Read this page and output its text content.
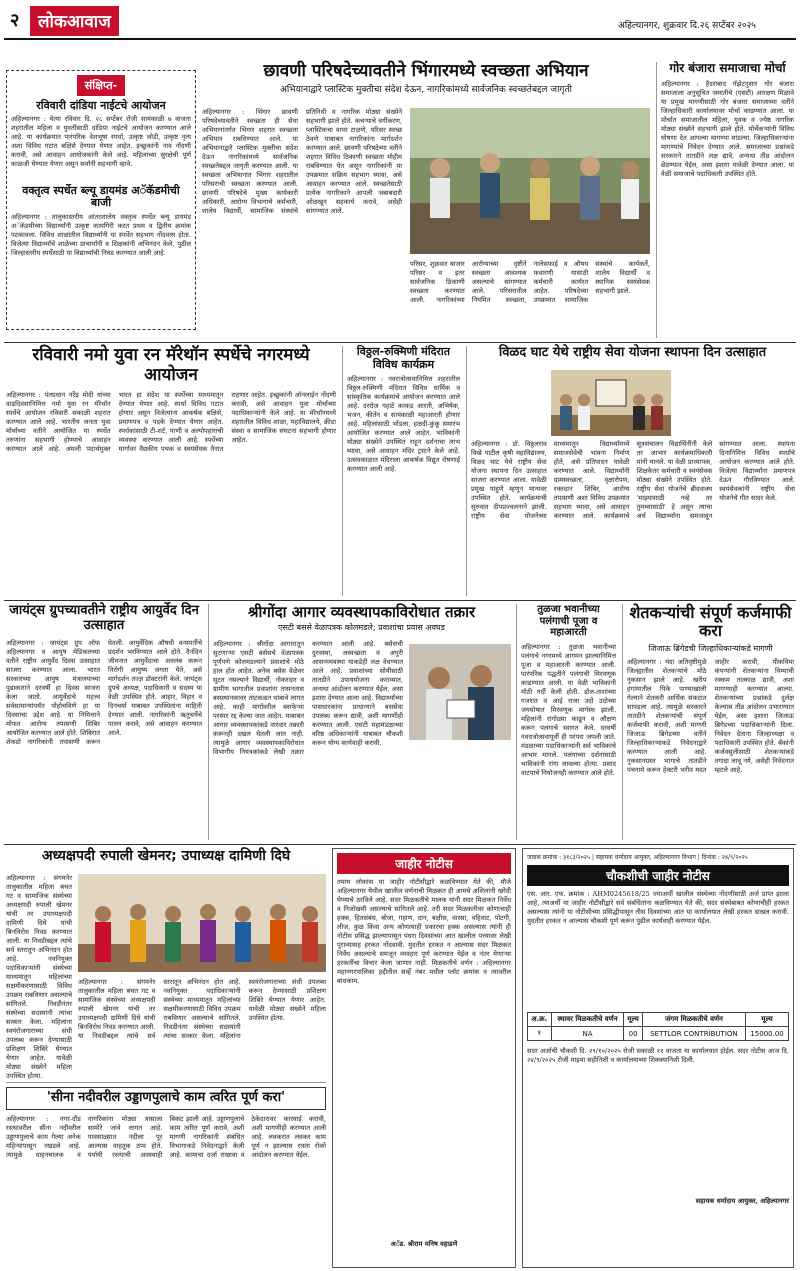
२	लोकआवाज	अहिल्यानगर, शुक्रवार दि.२६ सप्टेंबर २०२५
संक्षिप्त-
रविवारी दांडिया नाईटचे आयोजन
अहिल्यानगर : येत्या रविवार दि. २८ सप्टेंबर रोजी सायंकाळी ७ वाजता शहरातील महिला व युवतींसाठी दांडिया नाईटचे आयोजन करण्यात आले आहे. या कार्यक्रमात पारंपरिक वेशभूषा स्पर्धा, उत्कृष्ट जोडी, उत्कृष्ट नृत्य अशा विविध गटात बक्षिसे देण्यात येणार आहेत. इच्छुकांनी नाव नोंदणी करावी, असे आवाहन आयोजकांनी केले आहे. महिलांच्या सुरक्षेची पूर्ण काळजी घेण्यात येणार असून सर्वांनी सहभागी व्हावे.
वक्तृत्व स्पर्धेत ब्ल्यू डायमंड अॅकॅडमीची बाजी
अहिल्यानगर : तालुकास्तरीय आंतरशालेय वक्तृत्व स्पर्धेत ब्ल्यू डायमंड अॅकॅडमीच्या विद्यार्थ्यांनी उत्कृष्ट कामगिरी करत प्रथम व द्वितीय क्रमांक पटकावला. विविध शाळांतील विद्यार्थ्यांनी या स्पर्धेत सहभाग नोंदवला होता. विजेत्या विद्यार्थ्यांचे शाळेच्या प्राचार्यांनी व शिक्षकांनी अभिनंदन केले. पुढील जिल्हास्तरीय स्पर्धेसाठी या विद्यार्थ्यांची निवड करण्यात आली आहे.
छावणी परिषदेच्यावतीने भिंगारमध्ये स्वच्छता अभियान
अभियानाद्वारे प्लास्टिक मुक्तीचा संदेश देऊन, नागरिकांमध्ये सार्वजनिक स्वच्छतेबद्दल जागृती
अहिल्यानगर : भिंगार छावणी परिषदेच्यावतीने स्वच्छता ही सेवा अभियानांतर्गत भिंगार शहरात स्वच्छता अभियान राबविण्यात आले. या अभियानाद्वारे प्लास्टिक मुक्तीचा संदेश देऊन नागरिकांमध्ये सार्वजनिक स्वच्छतेबद्दल जागृती करण्यात आली. या स्वच्छता अभियानात भिंगार शहरातील परिसराची स्वच्छता करण्यात आली. छावणी परिषदेचे मुख्य कार्यकारी अधिकारी, आरोग्य विभागाचे कर्मचारी, शालेय विद्यार्थी, सामाजिक संस्थांचे प्रतिनिधी व नागरिक मोठ्या संख्येने सहभागी झाले होते. कचऱ्याचे वर्गीकरण, प्लास्टिकचा वापर टाळणे, परिसर स्वच्छ ठेवणे याबाबत नागरिकांना मार्गदर्शन करण्यात आले. छावणी परिषदेच्या वतीने शहरात विविध ठिकाणी स्वच्छता मोहीम राबविण्यात येत असून नागरिकांनी या उपक्रमात सक्रिय सहभाग घ्यावा, असे आवाहन करण्यात आले. स्वच्छतेसाठी प्रत्येक नागरिकाने आपली जबाबदारी ओळखून सहकार्य करावे, असेही सांगण्यात आले.
परिसर, शुक्रवार बाजार परिसर व इतर सार्वजनिक ठिकाणी स्वच्छता करण्यात आली. नागरिकांच्या आरोग्याच्या दृष्टीने स्वच्छता आवश्यक असल्याचे सांगण्यात आले. परिसरातील नियमित स्वच्छता, नालेसफाई व औषध फवारणी यासाठी कर्मचारी कार्यरत आहेत. परिषदेच्या उपक्रमात सामाजिक संस्थांचे कार्यकर्ते, शालेय विद्यार्थी व स्थानिक स्वयंसेवक सहभागी झाले.
गोर बंजारा समाजाचा मोर्चा
अहिल्यानगर : हैदराबाद गॅझेटनुसार गोर बंजारा समाजाला अनुसूचित जमातीचे (एसटी) आरक्षण मिळावे या प्रमुख मागणीसाठी गोर बंजारा समाजाच्या वतीने जिल्हाधिकारी कार्यालयावर मोर्चा काढण्यात आला. या मोर्चात समाजातील महिला, युवक व ज्येष्ठ नागरिक मोठ्या संख्येने सहभागी झाले होते. मोर्चेकऱ्यांनी विविध घोषणा देत आपल्या मागण्या मांडल्या. जिल्हाधिकाऱ्यांना मागण्यांचे निवेदन देण्यात आले. समाजाच्या प्रश्नांकडे सरकारने तातडीने लक्ष द्यावे, अन्यथा तीव्र आंदोलन छेडण्यात येईल, असा इशारा यावेळी देण्यात आला. या वेळी समाजाचे पदाधिकारी उपस्थित होते.
रविवारी नमो युवा रन मॅरेथॉन स्पर्धेचे नगरमध्ये आयोजन
अहिल्यानगर : पंतप्रधान नरेंद्र मोदी यांच्या वाढदिवसानिमित्त नमो युवा रन मॅरेथॉन स्पर्धेचे आयोजन रविवारी सकाळी शहरात करण्यात आले आहे. भारतीय जनता युवा मोर्चाच्या वतीने आयोजित या स्पर्धेत तरुणांना सहभागी होण्याचे आवाहन करण्यात आले आहे. अंमली पदार्थमुक्त भारत हा संदेश या स्पर्धेच्या माध्यमातून देण्यात येणार आहे. स्पर्धा विविध गटात होणार असून विजेत्यांना आकर्षक बक्षिसे, प्रमाणपत्र व पदके देण्यात येणार आहेत. स्पर्धकांसाठी टी-शर्ट, पाणी व अल्पोपहाराची व्यवस्था करण्यात आली आहे. स्पर्धेच्या मार्गावर वैद्यकीय पथक व स्वयंसेवक तैनात राहणार आहेत. इच्छुकांनी ऑनलाईन नोंदणी करावी, असे आवाहन युवा मोर्चाच्या पदाधिकाऱ्यांनी केले आहे. या मॅरेथॉनमध्ये शहरातील विविध शाळा, महाविद्यालये, क्रीडा संस्था व सामाजिक संघटना सहभागी होणार आहेत.
विठ्ठल-रुक्मिणी मंदिरात विविध कार्यक्रम
अहिल्यानगर : नवरात्रोत्सवानिमित्त शहरातील विठ्ठल-रुक्मिणी मंदिरात विविध धार्मिक व सांस्कृतिक कार्यक्रमांचे आयोजन करण्यात आले आहे. दररोज पहाटे काकड आरती, अभिषेक, भजन, कीर्तन व सायंकाळी महाआरती होणार आहे. महिलांसाठी भोंडला, हळदी-कुंकू समारंभ आयोजित करण्यात आले आहेत. भाविकांनी मोठ्या संख्येने उपस्थित राहून दर्शनाचा लाभ घ्यावा, असे आवाहन मंदिर ट्रस्टने केले आहे. उत्सवकाळात मंदिराला आकर्षक विद्युत रोषणाई करण्यात आली आहे.
विळद घाट येथे राष्ट्रीय सेवा योजना स्थापना दिन उत्साहात
अहिल्यानगर : डॉ. विठ्ठलराव विखे पाटील कृषी महाविद्यालय, विळद घाट येथे राष्ट्रीय सेवा योजना स्थापना दिन उत्साहात साजरा करण्यात आला. यावेळी प्रमुख पाहुणे म्हणून मान्यवर उपस्थित होते. कार्यक्रमाची सुरुवात दीपप्रज्वलनाने झाली. राष्ट्रीय सेवा योजनेच्या माध्यमातून विद्यार्थ्यांमध्ये समाजसेवेची भावना निर्माण होते, असे प्रतिपादन यावेळी करण्यात आले. विद्यार्थ्यांनी ग्रामस्वच्छता, वृक्षारोपण, रक्तदान शिबिर, आरोग्य तपासणी अशा विविध उपक्रमांत सहभाग घ्यावा, असे आवाहन करण्यात आले. कार्यक्रमाचे सूत्रसंचालन विद्यार्थिनींनी केले तर आभार कार्यक्रमाधिकारी यांनी मानले. या वेळी प्राध्यापक, शिक्षकेतर कर्मचारी व स्वयंसेवक मोठ्या संख्येने उपस्थित होते. राष्ट्रीय सेवा योजनेचे ब्रीदवाक्य 'माझ्यासाठी नव्हे तर तुमच्यासाठी' हे असून त्याचा अर्थ विद्यार्थ्यांना समजावून सांगण्यात आला. स्थापना दिनानिमित्त विविध स्पर्धांचे आयोजन करण्यात आले होते. विजेत्या विद्यार्थ्यांना प्रमाणपत्र देऊन गौरविण्यात आले. स्वयंसेवकांनी राष्ट्रीय सेवा योजनेचे गीत सादर केले.
जायंट्स ग्रुपच्यावतीने राष्ट्रीय आयुर्वेद दिन उत्साहात
अहिल्यानगर : जायंट्स ग्रुप ऑफ अहिल्यानगर व आयुष मेडिकलच्या वतीने राष्ट्रीय आयुर्वेद दिवस उत्साहात साजरा करण्यात आला. भारत सरकारच्या आयुष मंत्रालयाच्या पुढाकाराने दरवर्षी हा दिवस साजरा केला जातो. आयुर्वेदाचे महत्त्व सर्वसामान्यांपर्यंत पोहोचविणे हा या दिवसाचा उद्देश आहे. या निमित्ताने मोफत आरोग्य तपासणी शिबिर आयोजित करण्यात आले होते. शिबिरात शेकडो नागरिकांनी तपासणी करून घेतली. आयुर्वेदिक औषधी वनस्पतींचे प्रदर्शन भरविण्यात आले होते. दैनंदिन जीवनात आयुर्वेदाचा अवलंब करून निरोगी आयुष्य जगता येते, असे मार्गदर्शन तज्ज्ञ डॉक्टरांनी केले. जायंट्स ग्रुपचे अध्यक्ष, पदाधिकारी व सदस्य या वेळी उपस्थित होते. आहार, विहार व दिनचर्या याबाबत उपस्थितांना माहिती देण्यात आली. नागरिकांनी ऋतुचर्येचे पालन करावे, असे आवाहन करण्यात आले.
श्रीगोंदा आगार व्यवस्थापकाविरोधात तक्रार
एसटी बससे वेळापत्रक कोलमडले; प्रवाशांचा प्रवास अवघड
अहिल्यानगर : श्रीगोंदा आगारातून सुटणाऱ्या एसटी बसेसचे वेळापत्रक पूर्णपणे कोलमडल्याने प्रवाशांचे मोठे हाल होत आहेत. अनेक बसेस वेळेवर सुटत नसल्याने विद्यार्थी, नोकरदार व ग्रामीण भागातील प्रवाशांना तासनतास बसस्थानकावर ताटकळत थांबावे लागत आहे. काही मार्गावरील बसफेऱ्या परस्पर रद्द केल्या जात आहेत. याबाबत आगार व्यवस्थापकांकडे वारंवार तक्रारी करूनही दखल घेतली जात नाही. त्यामुळे आगार व्यवस्थापकाविरोधात विभागीय नियंत्रकांकडे लेखी तक्रार करण्यात आली आहे. बसेसची दुरवस्था, अस्वच्छता व अपुरी आसनव्यवस्था याकडेही लक्ष वेधण्यात आले आहे. प्रवाशांच्या सोयीसाठी तातडीने उपाययोजना कराव्यात, अन्यथा आंदोलन करण्यात येईल, असा इशारा देण्यात आला आहे. विद्यार्थ्यांच्या पासधारकांना प्राधान्याने बससेवा उपलब्ध करून द्यावी, अशी मागणीही करण्यात आली. एसटी महामंडळाच्या वरिष्ठ अधिकाऱ्यांनी याबाबत चौकशी करून योग्य कार्यवाही करावी.
तुळजा भवानीच्या पलंगाची पूजा व महाआरती
अहिल्यानगर : तुळजा भवानीच्या पलंगाचे नगरमध्ये आगमन झाल्यानिमित्त पूजा व महाआरती करण्यात आली. पारंपरिक पद्धतीने पलंगाची मिरवणूक काढण्यात आली. या वेळी भाविकांनी मोठी गर्दी केली होती. ढोल-ताशांच्या गजरात व आई राजा उदो उदोच्या जयघोषात मिरवणूक मार्गस्थ झाली. महिलांनी रांगोळ्या काढून व औक्षण करून पलंगाचे स्वागत केले. दरवर्षी नवरात्रोत्सवापूर्वी ही परंपरा जपली जाते. मंडळाच्या पदाधिकाऱ्यांनी सर्व भाविकांचे आभार मानले. पलंगाच्या दर्शनासाठी भाविकांनी रांगा लावल्या होत्या. प्रसाद वाटपाचे नियोजनही करण्यात आले होते.
शेतकऱ्यांची संपूर्ण कर्जमाफी करा
जिजाऊ ब्रिगेडची जिल्हाधिकाऱ्यांकडे मागणी
अहिल्यानगर : यंदा अतिवृष्टीमुळे जिल्ह्यातील शेतकऱ्यांचे मोठे नुकसान झाले आहे. खरीप हंगामातील पिके पाण्याखाली गेल्याने शेतकरी आर्थिक संकटात सापडला आहे. त्यामुळे सरकारने तातडीने शेतकऱ्यांची संपूर्ण कर्जमाफी करावी, अशी मागणी जिजाऊ ब्रिगेडच्या वतीने जिल्हाधिकाऱ्यांकडे निवेदनाद्वारे करण्यात आली आहे. नुकसानग्रस्त भागाचे तातडीने पंचनामे करून हेक्टरी भरीव मदत जाहीर करावी, पीकविमा कंपन्यांनी शेतकऱ्यांना विम्याची रक्कम तात्काळ द्यावी, अशा मागण्याही करण्यात आल्या. शेतकऱ्यांच्या प्रश्नांकडे दुर्लक्ष केल्यास तीव्र आंदोलन उभारण्यात येईल, असा इशारा जिजाऊ ब्रिगेडच्या पदाधिकाऱ्यांनी दिला. निवेदन देताना जिल्हाध्यक्षा व पदाधिकारी उपस्थित होते. बँकांनी कर्जवसुलीसाठी शेतकऱ्यांकडे तगादा लावू नये, असेही निवेदनात म्हटले आहे.
अध्यक्षपदी रुपाली खेमनर; उपाध्यक्ष दामिणी दिघे
अहिल्यानगर : संगमनेर तालुकातील महिला बचत गट व सामाजिक संस्थेच्या अध्यक्षपदी रुपाली खेमनर यांची तर उपाध्यक्षपदी दामिणी दिघे यांची बिनविरोध निवड करण्यात आली. या निवडीबद्दल त्यांचे सर्व स्तरातून अभिनंदन होत आहे. नवनियुक्त पदाधिकाऱ्यांनी संस्थेच्या माध्यमातून महिलांच्या सक्षमीकरणासाठी विविध उपक्रम राबविणार असल्याचे सांगितले. निवडीनंतर संस्थेच्या सदस्यांनी त्यांचा सत्कार केला. महिलांना स्वयंरोजगाराच्या संधी उपलब्ध करून देण्यासाठी प्रशिक्षण शिबिरे घेण्यात येणार आहेत. यावेळी मोठ्या संख्येने महिला उपस्थित होत्या.
अहिल्यानगर : संगमनेर तालुकातील महिला बचत गट व सामाजिक संस्थेच्या अध्यक्षपदी रुपाली खेमनर यांची तर उपाध्यक्षपदी दामिणी दिघे यांची बिनविरोध निवड करण्यात आली. या निवडीबद्दल त्यांचे सर्व स्तरातून अभिनंदन होत आहे. नवनियुक्त पदाधिकाऱ्यांनी संस्थेच्या माध्यमातून महिलांच्या सक्षमीकरणासाठी विविध उपक्रम राबविणार असल्याचे सांगितले. निवडीनंतर संस्थेच्या सदस्यांनी त्यांचा सत्कार केला. महिलांना स्वयंरोजगाराच्या संधी उपलब्ध करून देण्यासाठी प्रशिक्षण शिबिरे घेण्यात येणार आहेत. यावेळी मोठ्या संख्येने महिला उपस्थित होत्या.
'सीना नदीवरील उड्डाणपुलाचे काम त्वरित पूर्ण करा'
अहिल्यानगर : नगर-दौंड रस्त्यावरील सीना नदीवरील उड्डाणपुलाचे काम गेल्या अनेक महिन्यांपासून रखडले आहे. त्यामुळे वाहनचालक व नागरिकांना मोठ्या त्रासाला सामोरे जावे लागत आहे. पावसाळ्यात नदीला पूर आल्यास वाहतूक ठप्प होते. पर्यायी रस्त्याची अवस्थाही बिकट झाली आहे. उड्डाणपुलाचे काम त्वरित पूर्ण करावे, अशी मागणी नागरिकांनी संबंधित विभागाकडे निवेदनाद्वारे केली आहे. कामाचा दर्जा राखावा व ठेकेदारावर कारवाई करावी, अशी मागणीही करण्यात आली आहे. लवकरात लवकर काम पूर्ण न झाल्यास रास्ता रोको आंदोलन करण्यात येईल.
जाहीर नोटीस
तमाम लोकांस या जाहीर नोटीसीद्वारे कळविण्यात येते की, मौजे अहिल्यानगर येथील खालील वर्णनाची मिळकत ही आमचे अशिलांनी खरेदी घेण्याचे ठरविले आहे. सदर मिळकतीचे मालक यांनी सदर मिळकत निर्वेध व निजोखमी असल्याचे सांगितले आहे. तरी सदर मिळकतीवर कोणाचाही हक्क, हितसंबंध, बोजा, गहाण, दान, बक्षीस, वारसा, वहिवाट, पोटगी, लीज, कुळ किंवा अन्य कोणत्याही प्रकारचा हक्क असल्यास त्यांनी ही नोटीस प्रसिद्ध झाल्यापासून पंधरा दिवसांच्या आत खालील पत्त्यावर लेखी पुराव्यासह हरकत नोंदवावी. मुदतीत हरकत न आल्यास सदर मिळकत निर्वेध असल्याचे समजून व्यवहार पूर्ण करण्यात येईल व नंतर येणाऱ्या हरकतींचा विचार केला जाणार नाही. मिळकतीचे वर्णन : अहिल्यानगर महानगरपालिका हद्दीतील सर्व्हे नंबर मधील प्लॉट क्रमांक व त्यावरील बांधकाम.
अॅड. श्रीराम मनिष वहाडणे
जावक क्रमांक : ३१८३/२०२५ | सहायक धर्मादाय आयुक्त, अहिल्यानगर विभाग | दिनांक : २४/९/२०२५
चौकशीची जाहीर नोटीस
एस. आर. एफ. क्रमांक : AHM0245618/25 ज्याअर्थी खालील संस्थेच्या नोंदणीसाठी अर्ज प्राप्त झाला आहे, त्याअर्थी या जाहीर नोटीसीद्वारे सर्व संबंधितांना कळविण्यात येते की, सदर संस्थेबाबत कोणाचीही हरकत असल्यास त्यांनी या नोटीसीच्या प्रसिद्धीपासून तीस दिवसांच्या आत या कार्यालयात लेखी हरकत दाखल करावी. मुदतीत हरकत न आल्यास चौकशी पूर्ण करून पुढील कार्यवाही करण्यात येईल.
अ.क्र.	स्थावर मिळकतीचे वर्णन	मूल्य	जंगम मिळकतीचे वर्णन	मूल्य
१	NA	00	SETTLOR CONTRIBUTION	15000.00
सदर अर्जाची चौकशी दि. २९/१०/२०२५ रोजी सकाळी ११ वाजता या कार्यालयात होईल. सदर नोटीस आज दि. २४/९/२०२५ रोजी माझ्या सहीनिशी व कार्यालयाच्या शिक्क्यानिशी दिली.
सहायक धर्मादाय आयुक्त, अहिल्यानगर
